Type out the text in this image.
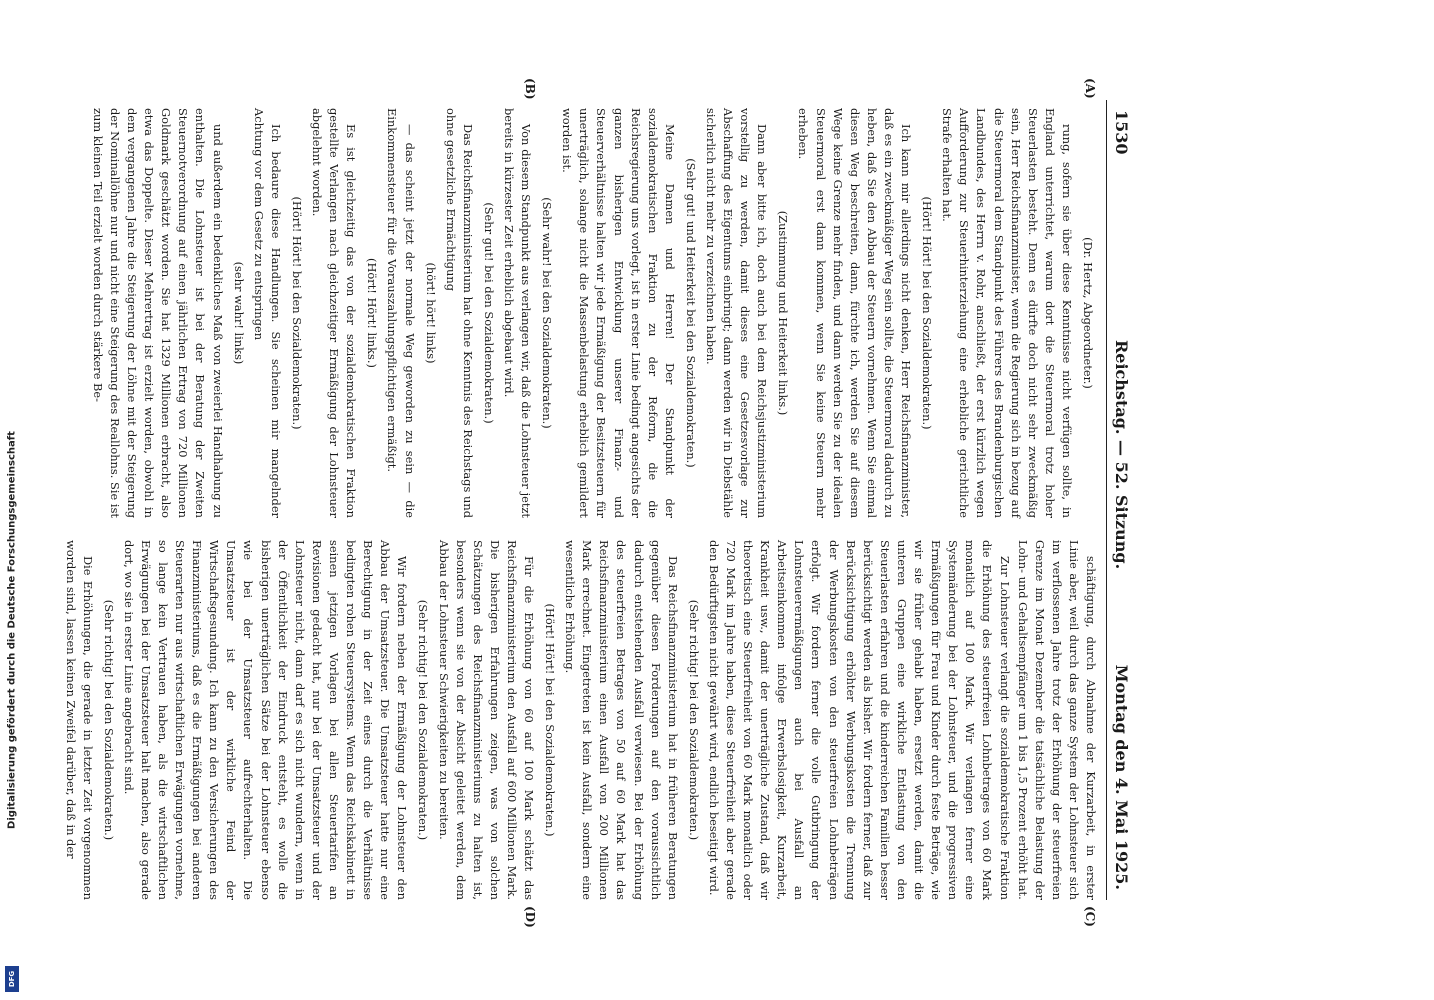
1530
Reichstag. — 52. Sitzung.
Montag den 4. Mai 1925.
(A)
(B)
(C)
(D)

(Dr. Hertz, Abgeordneter.)

rung, sofern sie über diese Kenntnisse nicht verfügen sollte, in England unterrichtet, warum dort die Steuermoral trotz hoher Steuerlasten besteht. Denn es dürfte doch nicht sehr zweckmäßig sein, Herr Reichsfinanzminister, wenn die Regierung sich in bezug auf die Steuermoral dem Standpunkt des Führers des Brandenburgischen Landbundes, des Herrn v. Rohr, anschließt, der erst kürzlich wegen Aufforderung zur Steuerhinterziehung eine erhebliche gerichtliche Strafe erhalten hat.

(Hört! Hört! bei den Sozialdemokraten.)

Ich kann mir allerdings nicht denken, Herr Reichsfinanzminister, daß es ein zweckmäßiger Weg sein sollte, die Steuermoral dadurch zu heben, daß Sie den Abbau der Steuern vornehmen. Wenn Sie einmal diesen Weg beschreiten, dann, fürchte ich, werden Sie auf diesem Wege keine Grenze mehr finden, und dann werden Sie zu der idealen Steuermoral erst dann kommen, wenn Sie keine Steuern mehr erheben.

(Zustimmung und Heiterkeit links.)

Dann aber bitte ich, doch auch bei dem Reichsjustizministerium vorstellig zu werden, damit dieses eine Gesetzesvorlage zur Abschaffung des Eigentums einbringt; dann werden wir in Diebstähle sicherlich nicht mehr zu verzeichnen haben.

(Sehr gut! und Heiterkeit bei den Sozialdemokraten.)

Meine Damen und Herren! Der Standpunkt der sozialdemokratischen Fraktion zu der Reform, die die Reichsregierung uns vorlegt, ist in erster Linie bedingt angesichts der ganzen bisherigen Entwicklung unserer Finanz- und Steuerverhältnisse halten wir jede Ermäßigung der Besitzsteuern für unerträglich, solange nicht die Massenbelastung erheblich gemildert worden ist.

(Sehr wahr! bei den Sozialdemokraten.)

Von diesem Standpunkt aus verlangen wir, daß die Lohnsteuer jetzt bereits in kürzester Zeit erheblich abgebaut wird.

(Sehr gut! bei den Sozialdemokraten.)

Das Reichsfinanzministerium hat ohne Kenntnis des Reichstags und ohne gesetzliche Ermächtigung

(hört! hört! links)

— das scheint jetzt der normale Weg geworden zu sein — die Einkommensteuer für die Vorauszahlungspflichtigen ermäßigt.

(Hört! Hört! links.)

Es ist gleichzeitig das von der sozialdemokratischen Fraktion gestellte Verlangen nach gleichzeitiger Ermäßigung der Lohnsteuer abgelehnt worden.

(Hört! Hört! bei den Sozialdemokraten.)

Ich bedaure diese Handlungen. Sie scheinen mir mangelnder Achtung vor dem Gesetz zu entspringen

(sehr wahr! links)

und außerdem ein bedenkliches Maß von zweierlei Handhabung zu enthalten. Die Lohnsteuer ist bei der Beratung der Zweiten Steuernotverordnung auf einen jährlichen Ertrag von 720 Millionen Goldmark geschätzt worden. Sie hat 1329 Millionen erbracht, also etwa das Doppelte. Dieser Mehrertrag ist erzielt worden, obwohl in dem vergangenen Jahre die Steigerung der Löhne mit der Steigerung der Nominallöhne nur und nicht eine Steigerung des Reallohns. Sie ist zum kleinen Teil erzielt worden durch stärkere Be-

schäftigung, durch Abnahme der Kurzarbeit, in erster Linie aber, weil durch das ganze System der Lohnsteuer sich im verflossenen Jahre trotz der Erhöhung der steuerfreien Grenze im Monat Dezember die tatsächliche Belastung der Lohn- und Gehaltsempfänger um 1 bis 1,5 Prozent erhöht hat.

Zur Lohnsteuer verlangt die sozialdemokratische Fraktion die Erhöhung des steuerfreien Lohnbetrages von 60 Mark monatlich auf 100 Mark. Wir verlangen ferner eine Systemänderung bei der Lohnsteuer, und die progressiven Ermäßigungen für Frau und Kinder durch feste Beträge, wie wir sie früher gehabt haben, ersetzt werden, damit die unteren Gruppen eine wirkliche Entlastung von den Steuerlasten erfahren und die kinderreichen Familien besser berücksichtigt werden als bisher. Wir fordern ferner, daß zur Berücksichtigung erhöhter Werbungskosten die Trennung der Werbungskosten von den steuerfreien Lohnbeträgen erfolgt. Wir fordern ferner die volle Gutbringung der Lohnsteuerermäßigungen auch bei Ausfall an Arbeitseinkommen infolge Erwerbslosigkeit, Kurzarbeit, Krankheit usw., damit der unerträgliche Zustand, daß wir theoretisch eine Steuerfreiheit von 60 Mark monatlich oder 720 Mark im Jahre haben, diese Steuerfreiheit aber gerade den Bedürftigsten nicht gewährt wird, endlich beseitigt wird.

(Sehr richtig! bei den Sozialdemokraten.)

Das Reichsfinanzministerium hat in früheren Beratungen gegenüber diesen Forderungen auf den voraussichtlich dadurch entstehenden Ausfall verwiesen. Bei der Erhöhung des steuerfreien Betrages von 50 auf 60 Mark hat das Reichsfinanzministerium einen Ausfall von 200 Millionen Mark errechnet. Eingetreten ist kein Ausfall, sondern eine wesentliche Erhöhung.

(Hört! Hört! bei den Sozialdemokraten.)

Für die Erhöhung von 60 auf 100 Mark schätzt das Reichsfinanzministerium den Ausfall auf 600 Millionen Mark. Die bisherigen Erfahrungen zeigen, was von solchen Schätzungen des Reichsfinanzministeriums zu halten ist, besonders wenn sie von der Absicht geleitet werden, dem Abbau der Lohnsteuer Schwierigkeiten zu bereiten.

(Sehr richtig! bei den Sozialdemokraten.)

Wir fordern neben der Ermäßigung der Lohnsteuer den Abbau der Umsatzsteuer. Die Umsatzsteuer hatte nur eine Berechtigung in der Zeit eines durch die Verhältnisse bedingten rohen Steuersystems. Wenn das Reichskabinett in seinen jetzigen Vorlagen bei allen Steuertarifen an Revisionen gedacht hat, nur bei der Umsatzsteuer und der Lohnsteuer nicht, dann darf es sich nicht wundern, wenn in der Öffentlichkeit der Eindruck entsteht, es wolle die bisherigen unerträglichen Sätze bei der Lohnsteuer ebenso wie bei der Umsatzsteuer aufrechterhalten. Die Umsatzsteuer ist der wirkliche Feind der Wirtschaftsgesundung. Ich kann zu den Versicherungen des Finanzministeriums, daß es die Ermäßigungen bei anderen Steuerarten nur aus wirtschaftlichen Erwägungen vornehme, so lange kein Vertrauen haben, als die wirtschaftlichen Erwägungen bei der Umsatzsteuer halt machen, also gerade dort, wo sie in erster Linie angebracht sind.

(Sehr richtig! bei den Sozialdemokraten.)

Die Erhöhungen, die gerade in letzter Zeit vorgenommen worden sind, lassen keinen Zweifel darüber, daß in der

Digitalisierung gefördert durch die Deutsche Forschungsgemeinschaft
DFG
